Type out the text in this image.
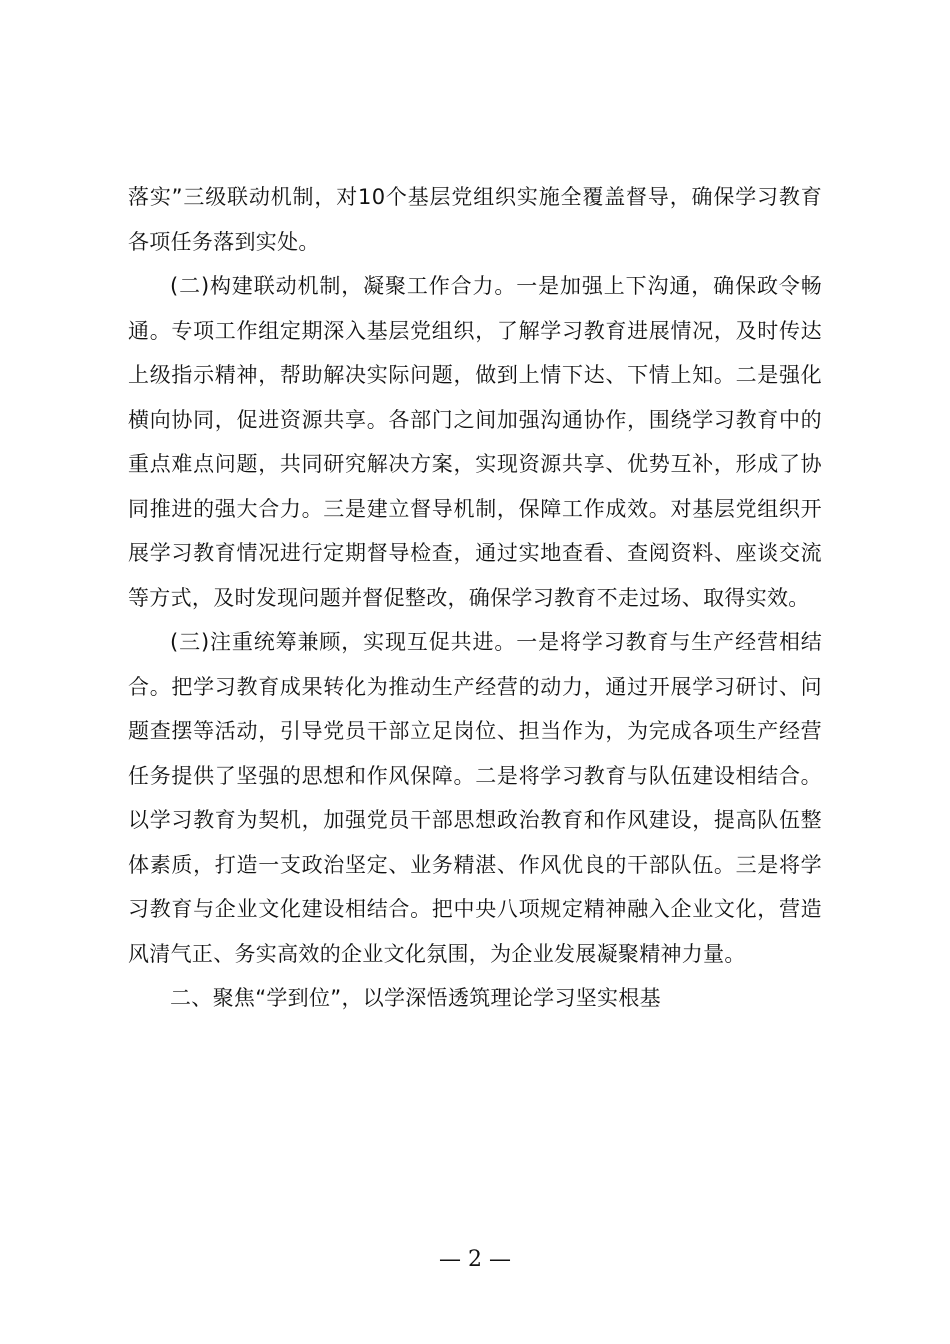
落实”三级联动机制，对10个基层党组织实施全覆盖督导，确保学习教育各项任务落到实处。

(二)构建联动机制，凝聚工作合力。一是加强上下沟通，确保政令畅通。专项工作组定期深入基层党组织，了解学习教育进展情况，及时传达上级指示精神，帮助解决实际问题，做到上情下达、下情上知。二是强化横向协同，促进资源共享。各部门之间加强沟通协作，围绕学习教育中的重点难点问题，共同研究解决方案，实现资源共享、优势互补，形成了协同推进的强大合力。三是建立督导机制，保障工作成效。对基层党组织开展学习教育情况进行定期督导检查，通过实地查看、查阅资料、座谈交流等方式，及时发现问题并督促整改，确保学习教育不走过场、取得实效。

(三)注重统筹兼顾，实现互促共进。一是将学习教育与生产经营相结合。把学习教育成果转化为推动生产经营的动力，通过开展学习研讨、问题查摆等活动，引导党员干部立足岗位、担当作为，为完成各项生产经营任务提供了坚强的思想和作风保障。二是将学习教育与队伍建设相结合。以学习教育为契机，加强党员干部思想政治教育和作风建设，提高队伍整体素质，打造一支政治坚定、业务精湛、作风优良的干部队伍。三是将学习教育与企业文化建设相结合。把中央八项规定精神融入企业文化，营造风清气正、务实高效的企业文化氛围，为企业发展凝聚精神力量。

二、聚焦“学到位”，以学深悟透筑理论学习坚实根基

— 2 —
